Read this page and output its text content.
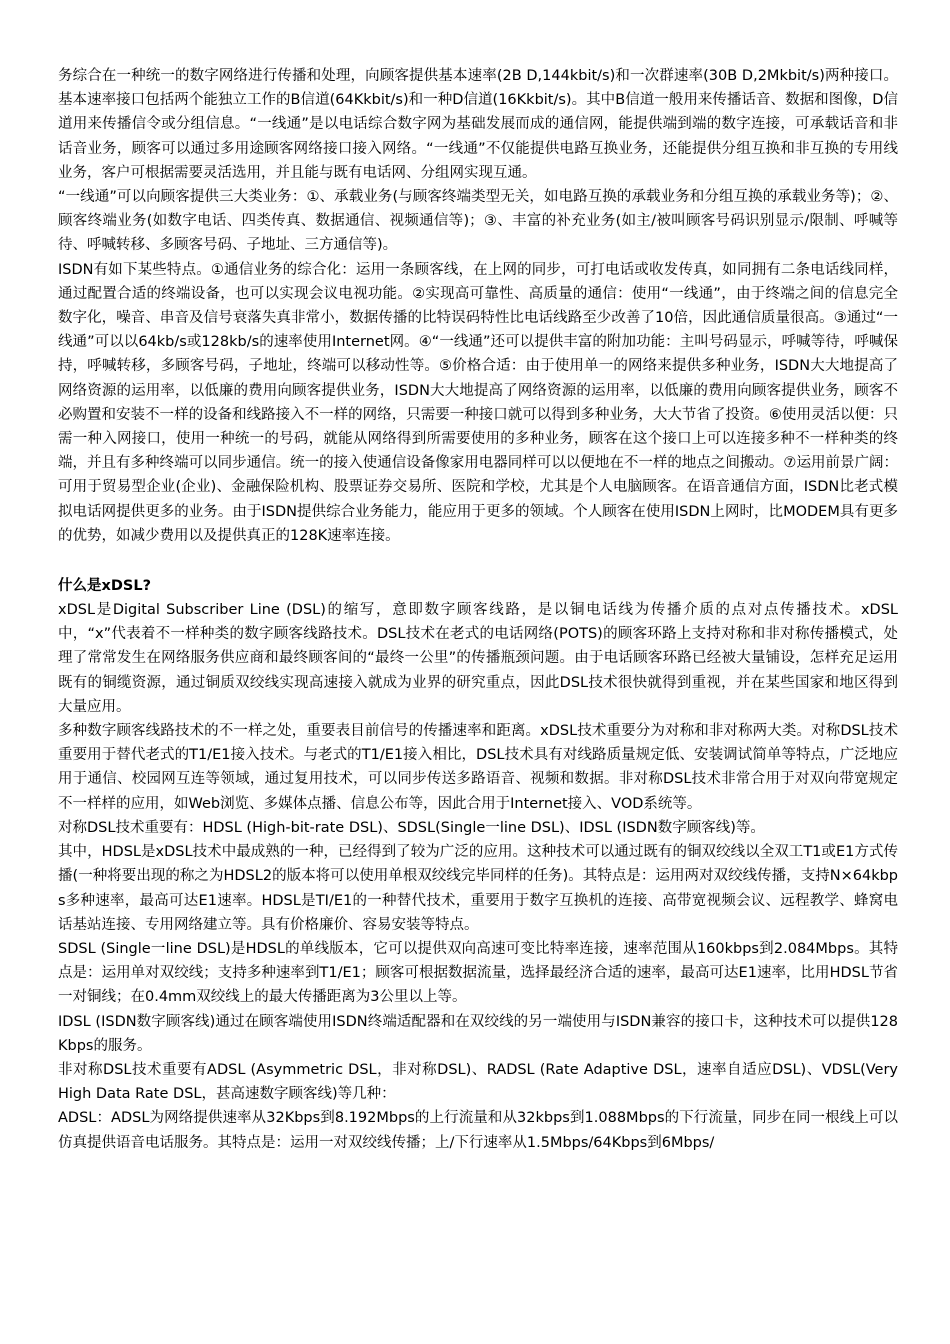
务综合在一种统一的数字网络进行传播和处理，向顾客提供基本速率(2B D,144kbit/s)和一次群速率(30B D,2Mkbit/s)两种接口。基本速率接口包括两个能独立工作的B信道(64Kkbit/s)和一种D信道(16Kkbit/s)。其中B信道一般用来传播话音、数据和图像，D信道用来传播信令或分组信息。“一线通”是以电话综合数字网为基础发展而成的通信网，能提供端到端的数字连接，可承载话音和非话音业务，顾客可以通过多用途顾客网络接口接入网络。“一线通”不仅能提供电路互换业务，还能提供分组互换和非互换的专用线业务，客户可根据需要灵活选用，并且能与既有电话网、分组网实现互通。

“一线通”可以向顾客提供三大类业务：①、承载业务(与顾客终端类型无关，如电路互换的承载业务和分组互换的承载业务等)；②、顾客终端业务(如数字电话、四类传真、数据通信、视频通信等)；③、丰富的补充业务(如主/被叫顾客号码识别显示/限制、呼喊等待、呼喊转移、多顾客号码、子地址、三方通信等)。

ISDN有如下某些特点。①通信业务的综合化：运用一条顾客线，在上网的同步，可打电话或收发传真，如同拥有二条电话线同样，通过配置合适的终端设备，也可以实现会议电视功能。②实现高可靠性、高质量的通信：使用“一线通”，由于终端之间的信息完全数字化，噪音、串音及信号衰落失真非常小，数据传播的比特误码特性比电话线路至少改善了10倍，因此通信质量很高。③通过“一线通”可以以64kb/s或128kb/s的速率使用Internet网。④“一线通”还可以提供丰富的附加功能：主叫号码显示，呼喊等待，呼喊保持，呼喊转移，多顾客号码，子地址，终端可以移动性等。⑤价格合适：由于使用单一的网络来提供多种业务，ISDN大大地提高了网络资源的运用率，以低廉的费用向顾客提供业务，ISDN大大地提高了网络资源的运用率，以低廉的费用向顾客提供业务，顾客不必购置和安装不一样的设备和线路接入不一样的网络，只需要一种接口就可以得到多种业务，大大节省了投资。⑥使用灵活以便：只需一种入网接口，使用一种统一的号码，就能从网络得到所需要使用的多种业务，顾客在这个接口上可以连接多种不一样种类的终端，并且有多种终端可以同步通信。统一的接入使通信设备像家用电器同样可以以便地在不一样的地点之间搬动。⑦运用前景广阔：可用于贸易型企业(企业)、金融保险机构、股票证券交易所、医院和学校，尤其是个人电脑顾客。在语音通信方面，ISDN比老式模拟电话网提供更多的业务。由于ISDN提供综合业务能力，能应用于更多的领域。个人顾客在使用ISDN上网时，比MODEM具有更多的优势，如减少费用以及提供真正的128K速率连接。

什么是xDSL?

xDSL是Digital Subscriber Line (DSL)的缩写，意即数字顾客线路，是以铜电话线为传播介质的点对点传播技术。xDSL中，“x”代表着不一样种类的数字顾客线路技术。DSL技术在老式的电话网络(POTS)的顾客环路上支持对称和非对称传播模式，处理了常常发生在网络服务供应商和最终顾客间的“最终一公里”的传播瓶颈问题。由于电话顾客环路已经被大量铺设，怎样充足运用既有的铜缆资源，通过铜质双绞线实现高速接入就成为业界的研究重点，因此DSL技术很快就得到重视，并在某些国家和地区得到大量应用。

多种数字顾客线路技术的不一样之处，重要表目前信号的传播速率和距离。xDSL技术重要分为对称和非对称两大类。对称DSL技术重要用于替代老式的T1/E1接入技术。与老式的T1/E1接入相比，DSL技术具有对线路质量规定低、安装调试简单等特点，广泛地应用于通信、校园网互连等领域，通过复用技术，可以同步传送多路语音、视频和数据。非对称DSL技术非常合用于对双向带宽规定不一样样的应用，如Web浏览、多媒体点播、信息公布等，因此合用于Internet接入、VOD系统等。

对称DSL技术重要有：HDSL (High-bit-rate DSL)、SDSL(Single一line DSL)、IDSL (ISDN数字顾客线)等。

其中，HDSL是xDSL技术中最成熟的一种，已经得到了较为广泛的应用。这种技术可以通过既有的铜双绞线以全双工T1或E1方式传播(一种将要出现的称之为HDSL2的版本将可以使用单根双绞线完毕同样的任务)。其特点是：运用两对双绞线传播，支持N×64kbps多种速率，最高可达E1速率。HDSL是TI/E1的一种替代技术，重要用于数字互换机的连接、高带宽视频会议、远程教学、蜂窝电话基站连接、专用网络建立等。具有价格廉价、容易安装等特点。

SDSL (Single一line DSL)是HDSL的单线版本，它可以提供双向高速可变比特率连接，速率范围从160kbps到2.084Mbps。其特点是：运用单对双绞线；支持多种速率到T1/E1；顾客可根据数据流量，选择最经济合适的速率，最高可达E1速率，比用HDSL节省一对铜线；在0.4mm双绞线上的最大传播距离为3公里以上等。

IDSL (ISDN数字顾客线)通过在顾客端使用ISDN终端适配器和在双绞线的另一端使用与ISDN兼容的接口卡，这种技术可以提供128Kbps的服务。

非对称DSL技术重要有ADSL (Asymmetric DSL，非对称DSL)、RADSL (Rate Adaptive DSL，速率自适应DSL)、VDSL(Very High Data Rate DSL，甚高速数字顾客线)等几种：

ADSL：ADSL为网络提供速率从32Kbps到8.192Mbps的上行流量和从32kbps到1.088Mbps的下行流量，同步在同一根线上可以仿真提供语音电话服务。其特点是：运用一对双绞线传播；上/下行速率从1.5Mbps/64Kbps到6Mbps/
